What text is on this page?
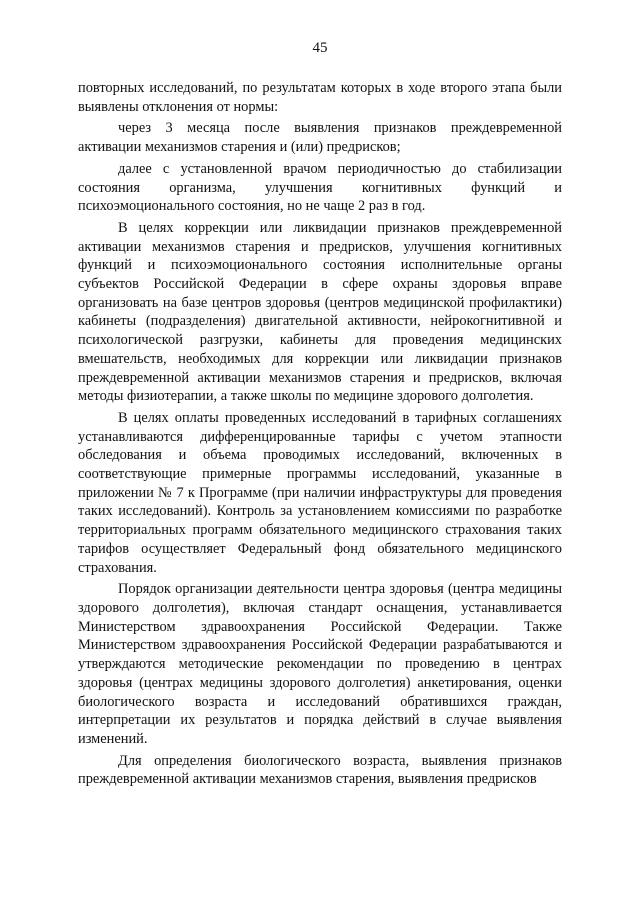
45

повторных исследований, по результатам которых в ходе второго этапа были выявлены отклонения от нормы:

через 3 месяца после выявления признаков преждевременной активации механизмов старения и (или) предрисков;

далее с установленной врачом периодичностью до стабилизации состояния организма, улучшения когнитивных функций и психоэмоционального состояния, но не чаще 2 раз в год.

В целях коррекции или ликвидации признаков преждевременной активации механизмов старения и предрисков, улучшения когнитивных функций и психоэмоционального состояния исполнительные органы субъектов Российской Федерации в сфере охраны здоровья вправе организовать на базе центров здоровья (центров медицинской профилактики) кабинеты (подразделения) двигательной активности, нейрокогнитивной и психологической разгрузки, кабинеты для проведения медицинских вмешательств, необходимых для коррекции или ликвидации признаков преждевременной активации механизмов старения и предрисков, включая методы физиотерапии, а также школы по медицине здорового долголетия.

В целях оплаты проведенных исследований в тарифных соглашениях устанавливаются дифференцированные тарифы с учетом этапности обследования и объема проводимых исследований, включенных в соответствующие примерные программы исследований, указанные в приложении № 7 к Программе (при наличии инфраструктуры для проведения таких исследований). Контроль за установлением комиссиями по разработке территориальных программ обязательного медицинского страхования таких тарифов осуществляет Федеральный фонд обязательного медицинского страхования.

Порядок организации деятельности центра здоровья (центра медицины здорового долголетия), включая стандарт оснащения, устанавливается Министерством здравоохранения Российской Федерации. Также Министерством здравоохранения Российской Федерации разрабатываются и утверждаются методические рекомендации по проведению в центрах здоровья (центрах медицины здорового долголетия) анкетирования, оценки биологического возраста и исследований обратившихся граждан, интерпретации их результатов и порядка действий в случае выявления изменений.

Для определения биологического возраста, выявления признаков преждевременной активации механизмов старения, выявления предрисков
